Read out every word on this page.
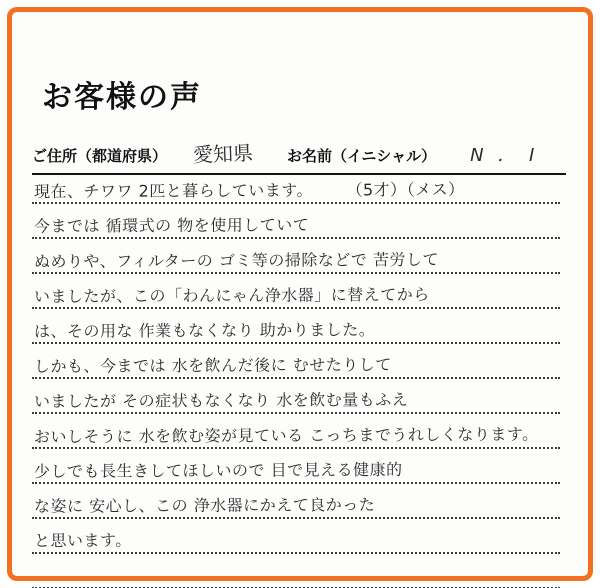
お客様の声
ご住所（都道府県） 愛知県 お名前（イニシャル） N ． I
現在、チワワ 2匹と暮らしています。　　　（5才）（メス）
今までは 循環式の 物を使用していて
ぬめりや、フィルターの ゴミ等の掃除などで 苦労して
いましたが、この「わんにゃん浄水器」に替えてから
は、その用な 作業もなくなり 助かりました。
しかも、今までは 水を飲んだ後に むせたりして
いましたが その症状もなくなり 水を飲む量もふえ
おいしそうに 水を飲む姿が見ている こっちまでうれしくなります。
少しでも長生きしてほしいので 目で見える健康的
な姿に 安心し、この 浄水器にかえて良かった
と思います。
